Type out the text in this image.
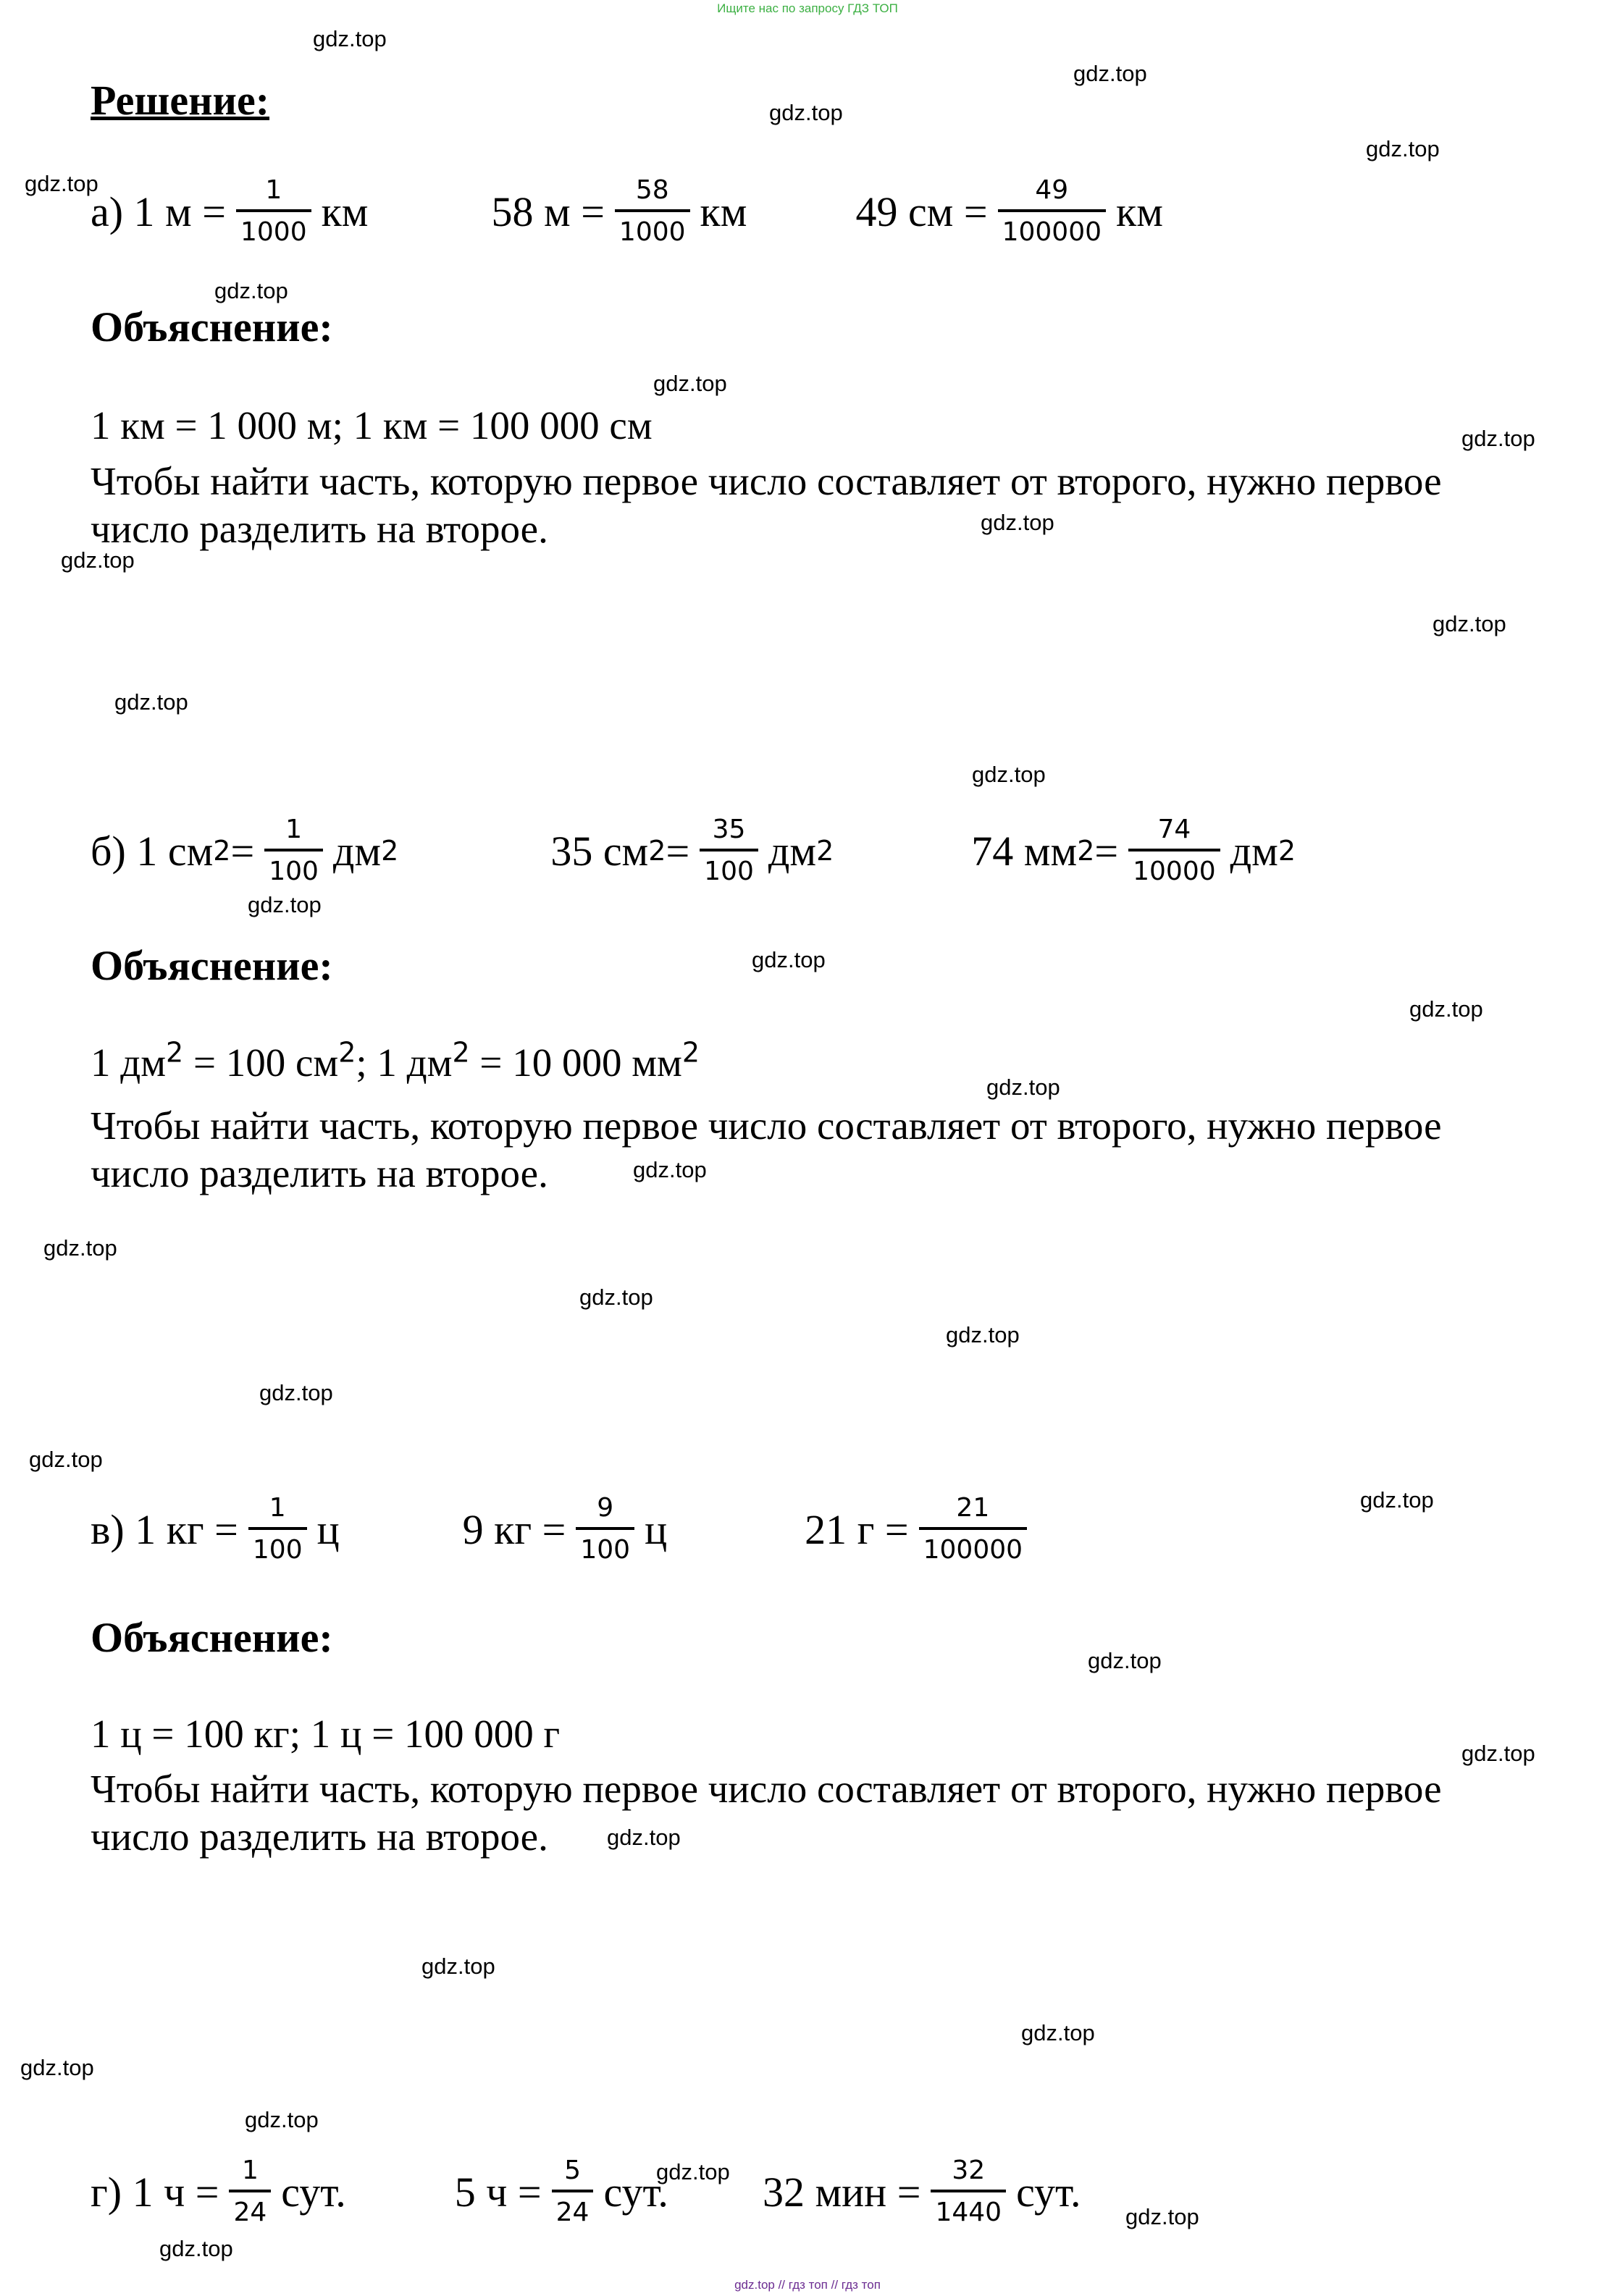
Ищите нас по запросу ГДЗ ТОП
Решение:
а) 1 $м = \frac{1}{1000}$ км	58 $м = \frac{58}{1000}$ км	49 см = $\frac{49}{100000}$ км
Объяснение:
1 км = 1 000 м; 1 км = 100 000 см
Чтобы найти часть, которую первое число составляет от второго, нужно первое
число разделить на второе.
б) 1 см $2 = \frac{1}{100}$ дм 2	35 см $2 = \frac{35}{100}$ дм 2	74 мм $2 = \frac{74}{10000}$ дм 2
Объяснение:
1 $дм^2 = 100$ $см^2$; 1 $дм^2 = 10$ 000 $мм^2$
Чтобы найти часть, которую первое число составляет от второго, нужно первое
число разделить на второе.
в) 1 кг = $\frac{1}{100}$ ц	9 кг = $\frac{9}{100}$ ц	21 $г = \frac{21}{100000}$
Объяснение:
1 ц = 100 кг; 1 ц = 100 000 г
Чтобы найти часть, которую первое число составляет от второго, нужно первое
число разделить на второе.
г) 1 $ч = \frac{1}{24}$ сут.	5 $ч = \frac{5}{24}$ сут. 32 мин = $\frac{32}{1440}$ сут.
gdz.top
gdz.top
gdz.top
gdz.top
gdz.top
gdz.top
gdz.top
gdz.top
gdz.top
gdz.top
gdz.top
gdz.top
gdz.top
gdz.top
gdz.top
gdz.top
gdz.top
gdz.top
gdz.top
gdz.top
gdz.top
gdz.top
gdz.top
gdz.top
gdz.top
gdz.top
gdz.top
gdz.top
gdz.top
gdz.top
gdz.top
gdz.top
gdz.top
gdz.top
gdz.top // гдз топ // гдз топ
